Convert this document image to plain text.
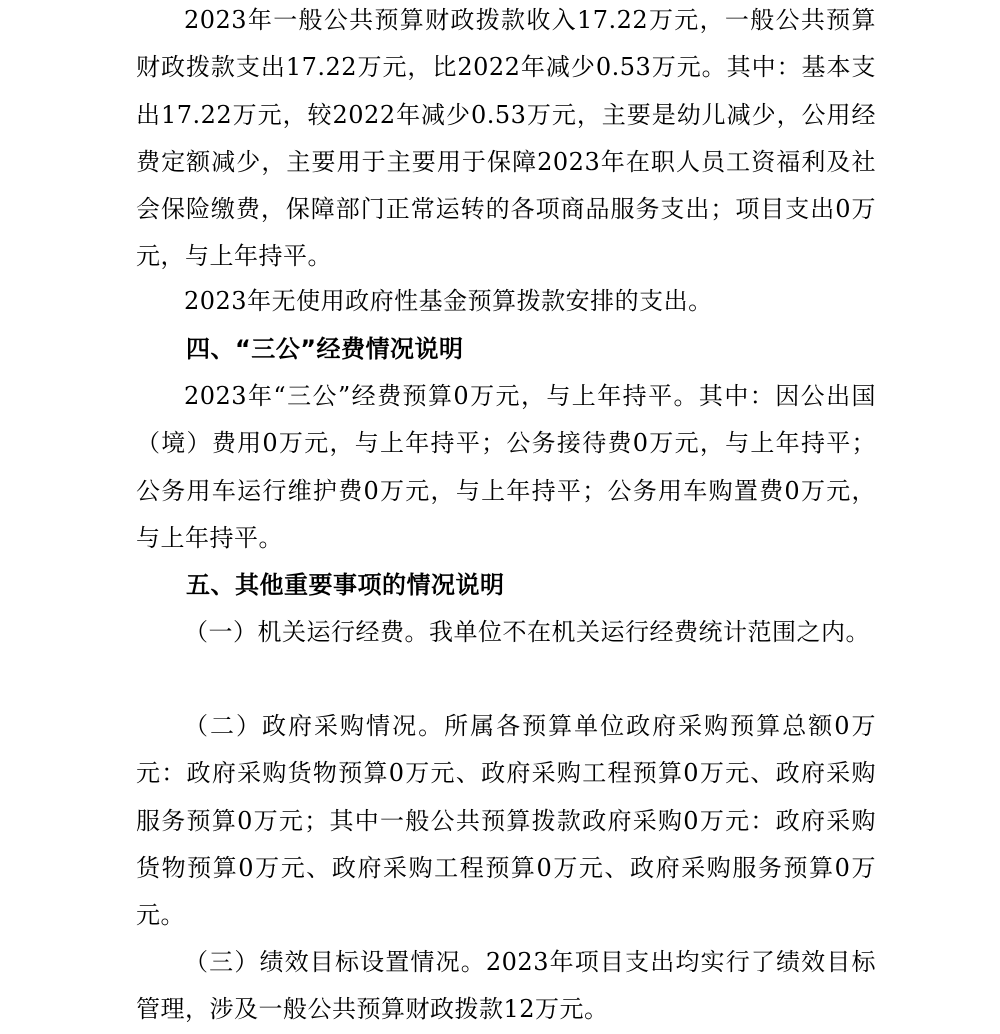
2023年一般公共预算财政拨款收入17.22万元，一般公共预算财政拨款支出17.22万元，比2022年减少0.53万元。其中：基本支出17.22万元，较2022年减少0.53万元，主要是幼儿减少，公用经费定额减少，主要用于主要用于保障2023年在职人员工资福利及社会保险缴费，保障部门正常运转的各项商品服务支出；项目支出0万元，与上年持平。

2023年无使用政府性基金预算拨款安排的支出。

四、“三公”经费情况说明

2023年“三公”经费预算0万元，与上年持平。其中：因公出国（境）费用0万元，与上年持平；公务接待费0万元，与上年持平；公务用车运行维护费0万元，与上年持平；公务用车购置费0万元，与上年持平。

五、其他重要事项的情况说明

（一）机关运行经费。我单位不在机关运行经费统计范围之内。

（二）政府采购情况。所属各预算单位政府采购预算总额0万元：政府采购货物预算0万元、政府采购工程预算0万元、政府采购服务预算0万元；其中一般公共预算拨款政府采购0万元：政府采购货物预算0万元、政府采购工程预算0万元、政府采购服务预算0万元。

（三）绩效目标设置情况。2023年项目支出均实行了绩效目标管理，涉及一般公共预算财政拨款12万元。
